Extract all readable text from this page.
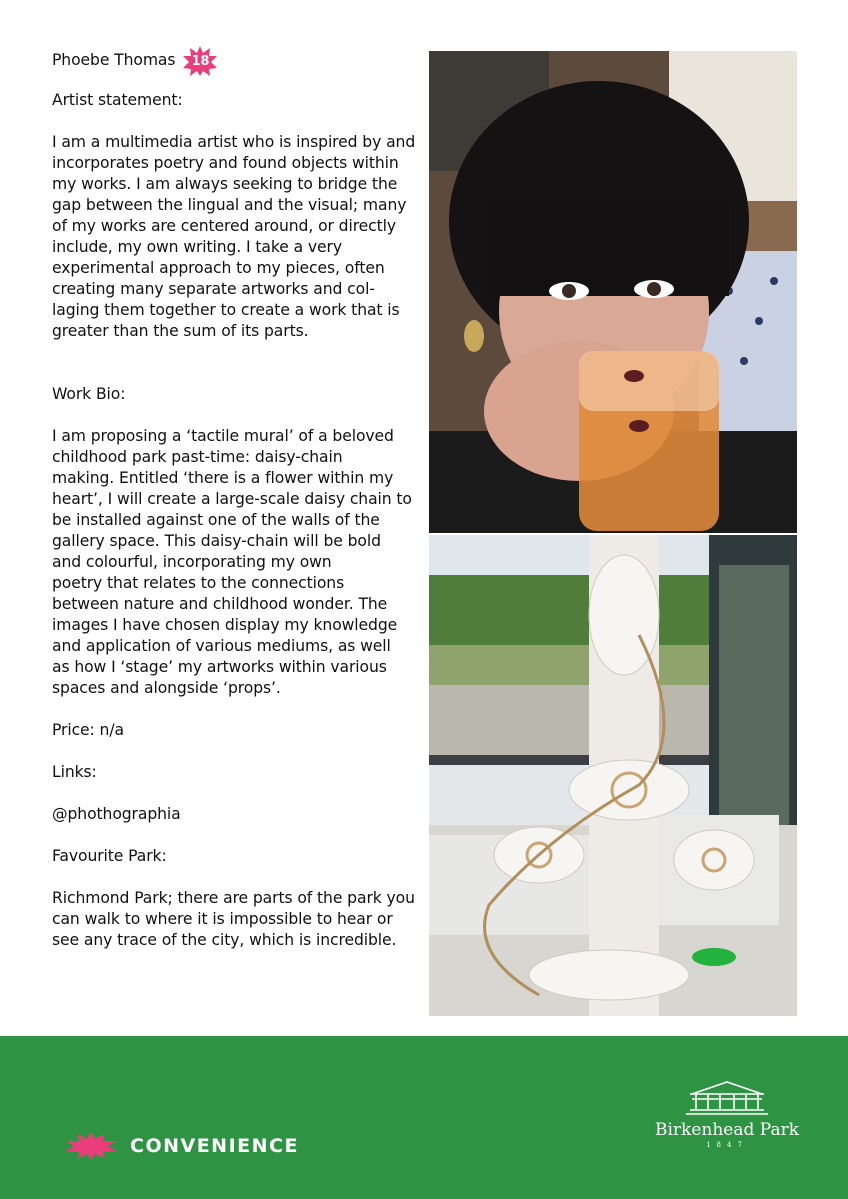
Phoebe Thomas	18

Artist statement:

I am a multimedia artist who is inspired by and
incorporates poetry and found objects within
my works. I am always seeking to bridge the
gap between the lingual and the visual; many
of my works are centered around, or directly
include, my own writing. I take a very
experimental approach to my pieces, often
creating many separate artworks and col-
laging them together to create a work that is
greater than the sum of its parts.

Work Bio:

I am proposing a ‘tactile mural’ of a beloved
childhood park past-time: daisy-chain
making. Entitled ‘there is a flower within my
heart’, I will create a large-scale daisy chain to
be installed against one of the walls of the
gallery space. This daisy-chain will be bold
and colourful, incorporating my own
poetry that relates to the connections
between nature and childhood wonder. The
images I have chosen display my knowledge
and application of various mediums, as well
as how I ‘stage’ my artworks within various
spaces and alongside ‘props’.

Price: n/a

Links:

@phothographia

Favourite Park:

Richmond Park; there are parts of the park you
can walk to where it is impossible to hear or
see any trace of the city, which is incredible.

CONVENIENCE
Birkenhead Park
1847
